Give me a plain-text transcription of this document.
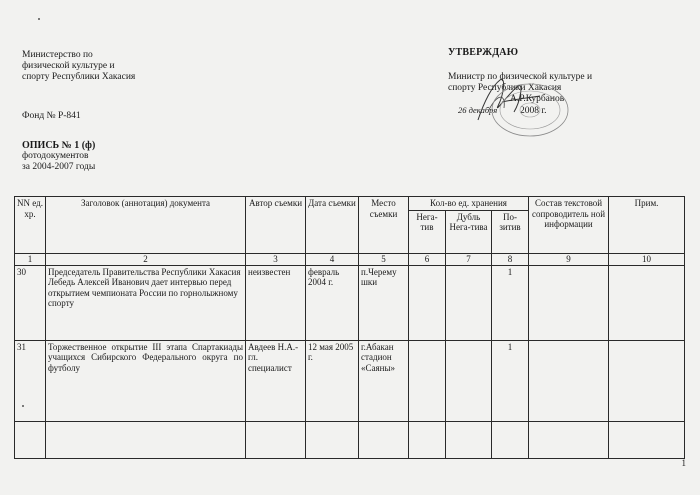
Министерство по
физической культуре и
спорту Республики Хакасия
Фонд № Р-841
ОПИСЬ № 1 (ф)
фотодокументов
за 2004-2007 годы
УТВЕРЖДАЮ
Министр по физической культуре и
спорту Республики Хакасия
А.Р.Курбанов
26 декабря 2008 г.
NN ед. хр.	Заголовок (аннотация) документа	Автор съемки	Дата съемки	Место съемки	Кол-во ед. хранения			Состав текстовой сопроводитель ной информации	Прим.
					Нега-тив	Дубль Нега-тива	По-зитив		
1	2	3	4	5	6	7	8	9	10
30	Председатель Правительства Республики Хакасия Лебедь Алексей Иванович дает интервью перед открытием чемпионата России по горнолыжному спорту	неизвестен	февраль 2004 г.	п.Черему шки			1		
31	Торжественное открытие III этапа Спартакиады учащихся Сибирского Федерального округа по футболу	Авдеев Н.А.-гл. специалист	12 мая 2005 г.	г.Абакан стадион «Саяны»			1		

1
